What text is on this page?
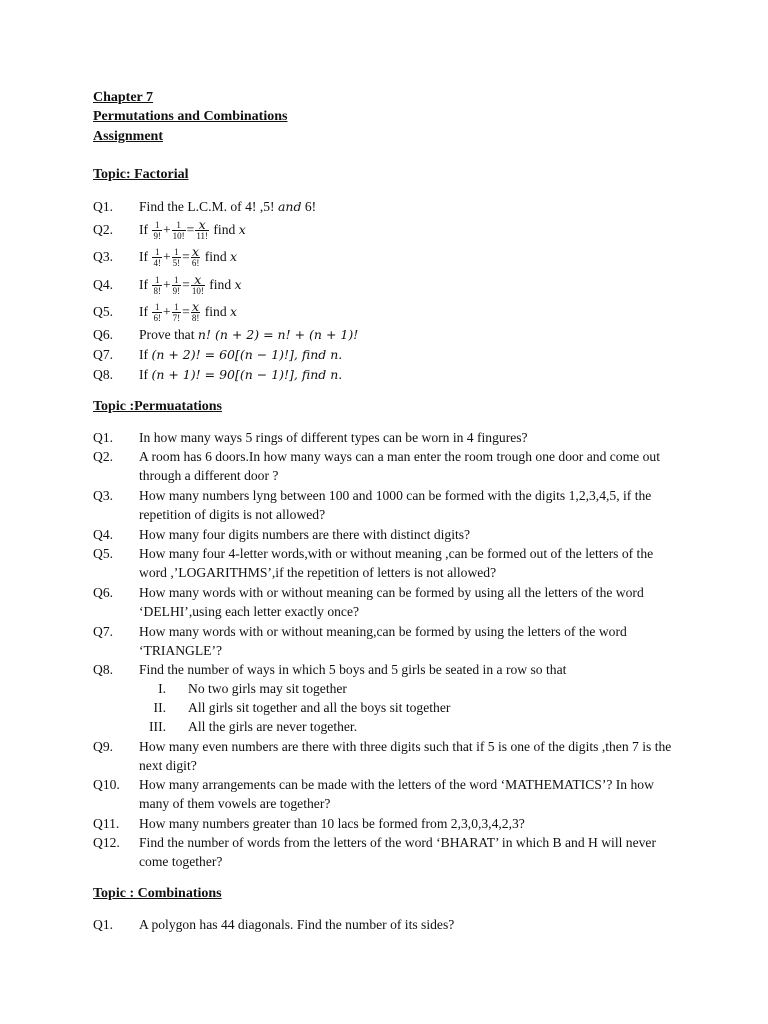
Chapter 7
Permutations and Combinations
Assignment
Topic: Factorial
Q1. Find the L.C.M. of 4! ,5! and 6!
Q2. If $\frac{1}{9!} + \frac{1}{10!} = x$
11! find x
Q3. If $\frac{1}{4!} + \frac{1}{5!} = x$
6! find x
Q4. If $\frac{1}{8!} + \frac{1}{9!} = x$
10! find x
Q5. If $\frac{1}{6!} + \frac{1}{7!} = x$
8! find x
Q6. Prove that n! (n + 2) = n! + (n + 1)!
Q7. If (n + 2)! = 60[(n − 1)!], find n.
Q8. If (n + 1)! = 90[(n − 1)!], find n.
Topic :Permuatations
Q1. In how many ways 5 rings of different types can be worn in 4 fingures?
Q2. A room has 6 doors.In how many ways can a man enter the room trough one door and come out through a different door ?
Q3. How many numbers lyng between 100 and 1000 can be formed with the digits 1,2,3,4,5, if the repetition of digits is not allowed?
Q4. How many four digits numbers are there with distinct digits?
Q5. How many four 4-letter words,with or without meaning ,can be formed out of the letters of the word ,’LOGARITHMS’,if the repetition of letters is not allowed?
Q6. How many words with or without meaning can be formed by using all the letters of the word ‘DELHI’,using each letter exactly once?
Q7. How many words with or without meaning,can be formed by using the letters of the word ‘TRIANGLE’?
Q8. Find the number of ways in which 5 boys and 5 girls be seated in a row so that
I. No two girls may sit together
II. All girls sit together and all the boys sit together
III. All the girls are never together.
Q9. How many even numbers are there with three digits such that if 5 is one of the digits ,then 7 is the next digit?
Q10. How many arrangements can be made with the letters of the word ‘MATHEMATICS’? In how many of them vowels are together?
Q11. How many numbers greater than 10 lacs be formed from 2,3,0,3,4,2,3?
Q12. Find the number of words from the letters of the word ‘BHARAT’ in which B and H will never come together?
Topic : Combinations
Q1. A polygon has 44 diagonals. Find the number of its sides?
